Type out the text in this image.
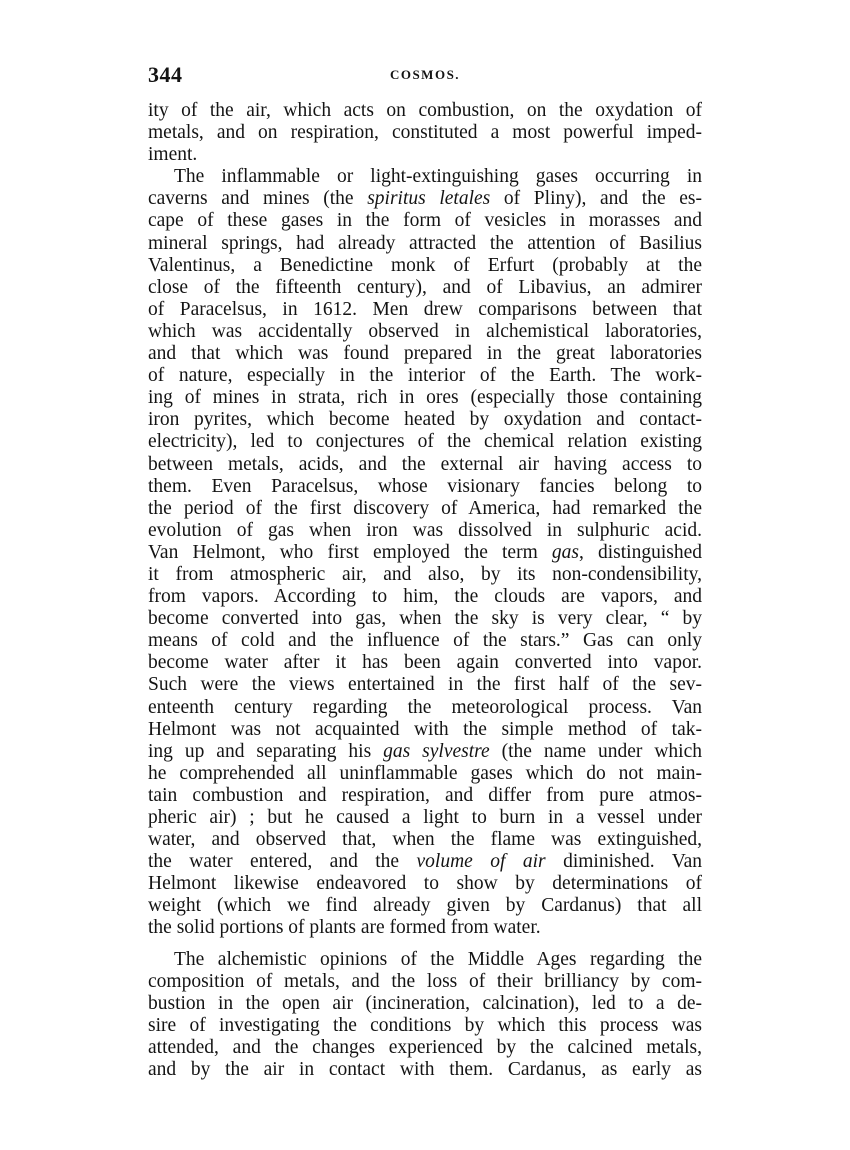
344	COSMOS.
ity of the air, which acts on combustion, on the oxydation of
metals, and on respiration, constituted a most powerful imped-
iment.
The inflammable or light-extinguishing gases occurring in
caverns and mines (the spiritus letales of Pliny), and the es-
cape of these gases in the form of vesicles in morasses and
mineral springs, had already attracted the attention of Basilius
Valentinus, a Benedictine monk of Erfurt (probably at the
close of the fifteenth century), and of Libavius, an admirer
of Paracelsus, in 1612. Men drew comparisons between that
which was accidentally observed in alchemistical laboratories,
and that which was found prepared in the great laboratories
of nature, especially in the interior of the Earth. The work-
ing of mines in strata, rich in ores (especially those containing
iron pyrites, which become heated by oxydation and contact-
electricity), led to conjectures of the chemical relation existing
between metals, acids, and the external air having access to
them. Even Paracelsus, whose visionary fancies belong to
the period of the first discovery of America, had remarked the
evolution of gas when iron was dissolved in sulphuric acid.
Van Helmont, who first employed the term gas, distinguished
it from atmospheric air, and also, by its non-condensibility,
from vapors. According to him, the clouds are vapors, and
become converted into gas, when the sky is very clear, “ by
means of cold and the influence of the stars.” Gas can only
become water after it has been again converted into vapor.
Such were the views entertained in the first half of the sev-
enteenth century regarding the meteorological process. Van
Helmont was not acquainted with the simple method of tak-
ing up and separating his gas sylvestre (the name under which
he comprehended all uninflammable gases which do not main-
tain combustion and respiration, and differ from pure atmos-
pheric air) ; but he caused a light to burn in a vessel under
water, and observed that, when the flame was extinguished,
the water entered, and the volume of air diminished. Van
Helmont likewise endeavored to show by determinations of
weight (which we find already given by Cardanus) that all
the solid portions of plants are formed from water.
The alchemistic opinions of the Middle Ages regarding the
composition of metals, and the loss of their brilliancy by com-
bustion in the open air (incineration, calcination), led to a de-
sire of investigating the conditions by which this process was
attended, and the changes experienced by the calcined metals,
and by the air in contact with them. Cardanus, as early as
